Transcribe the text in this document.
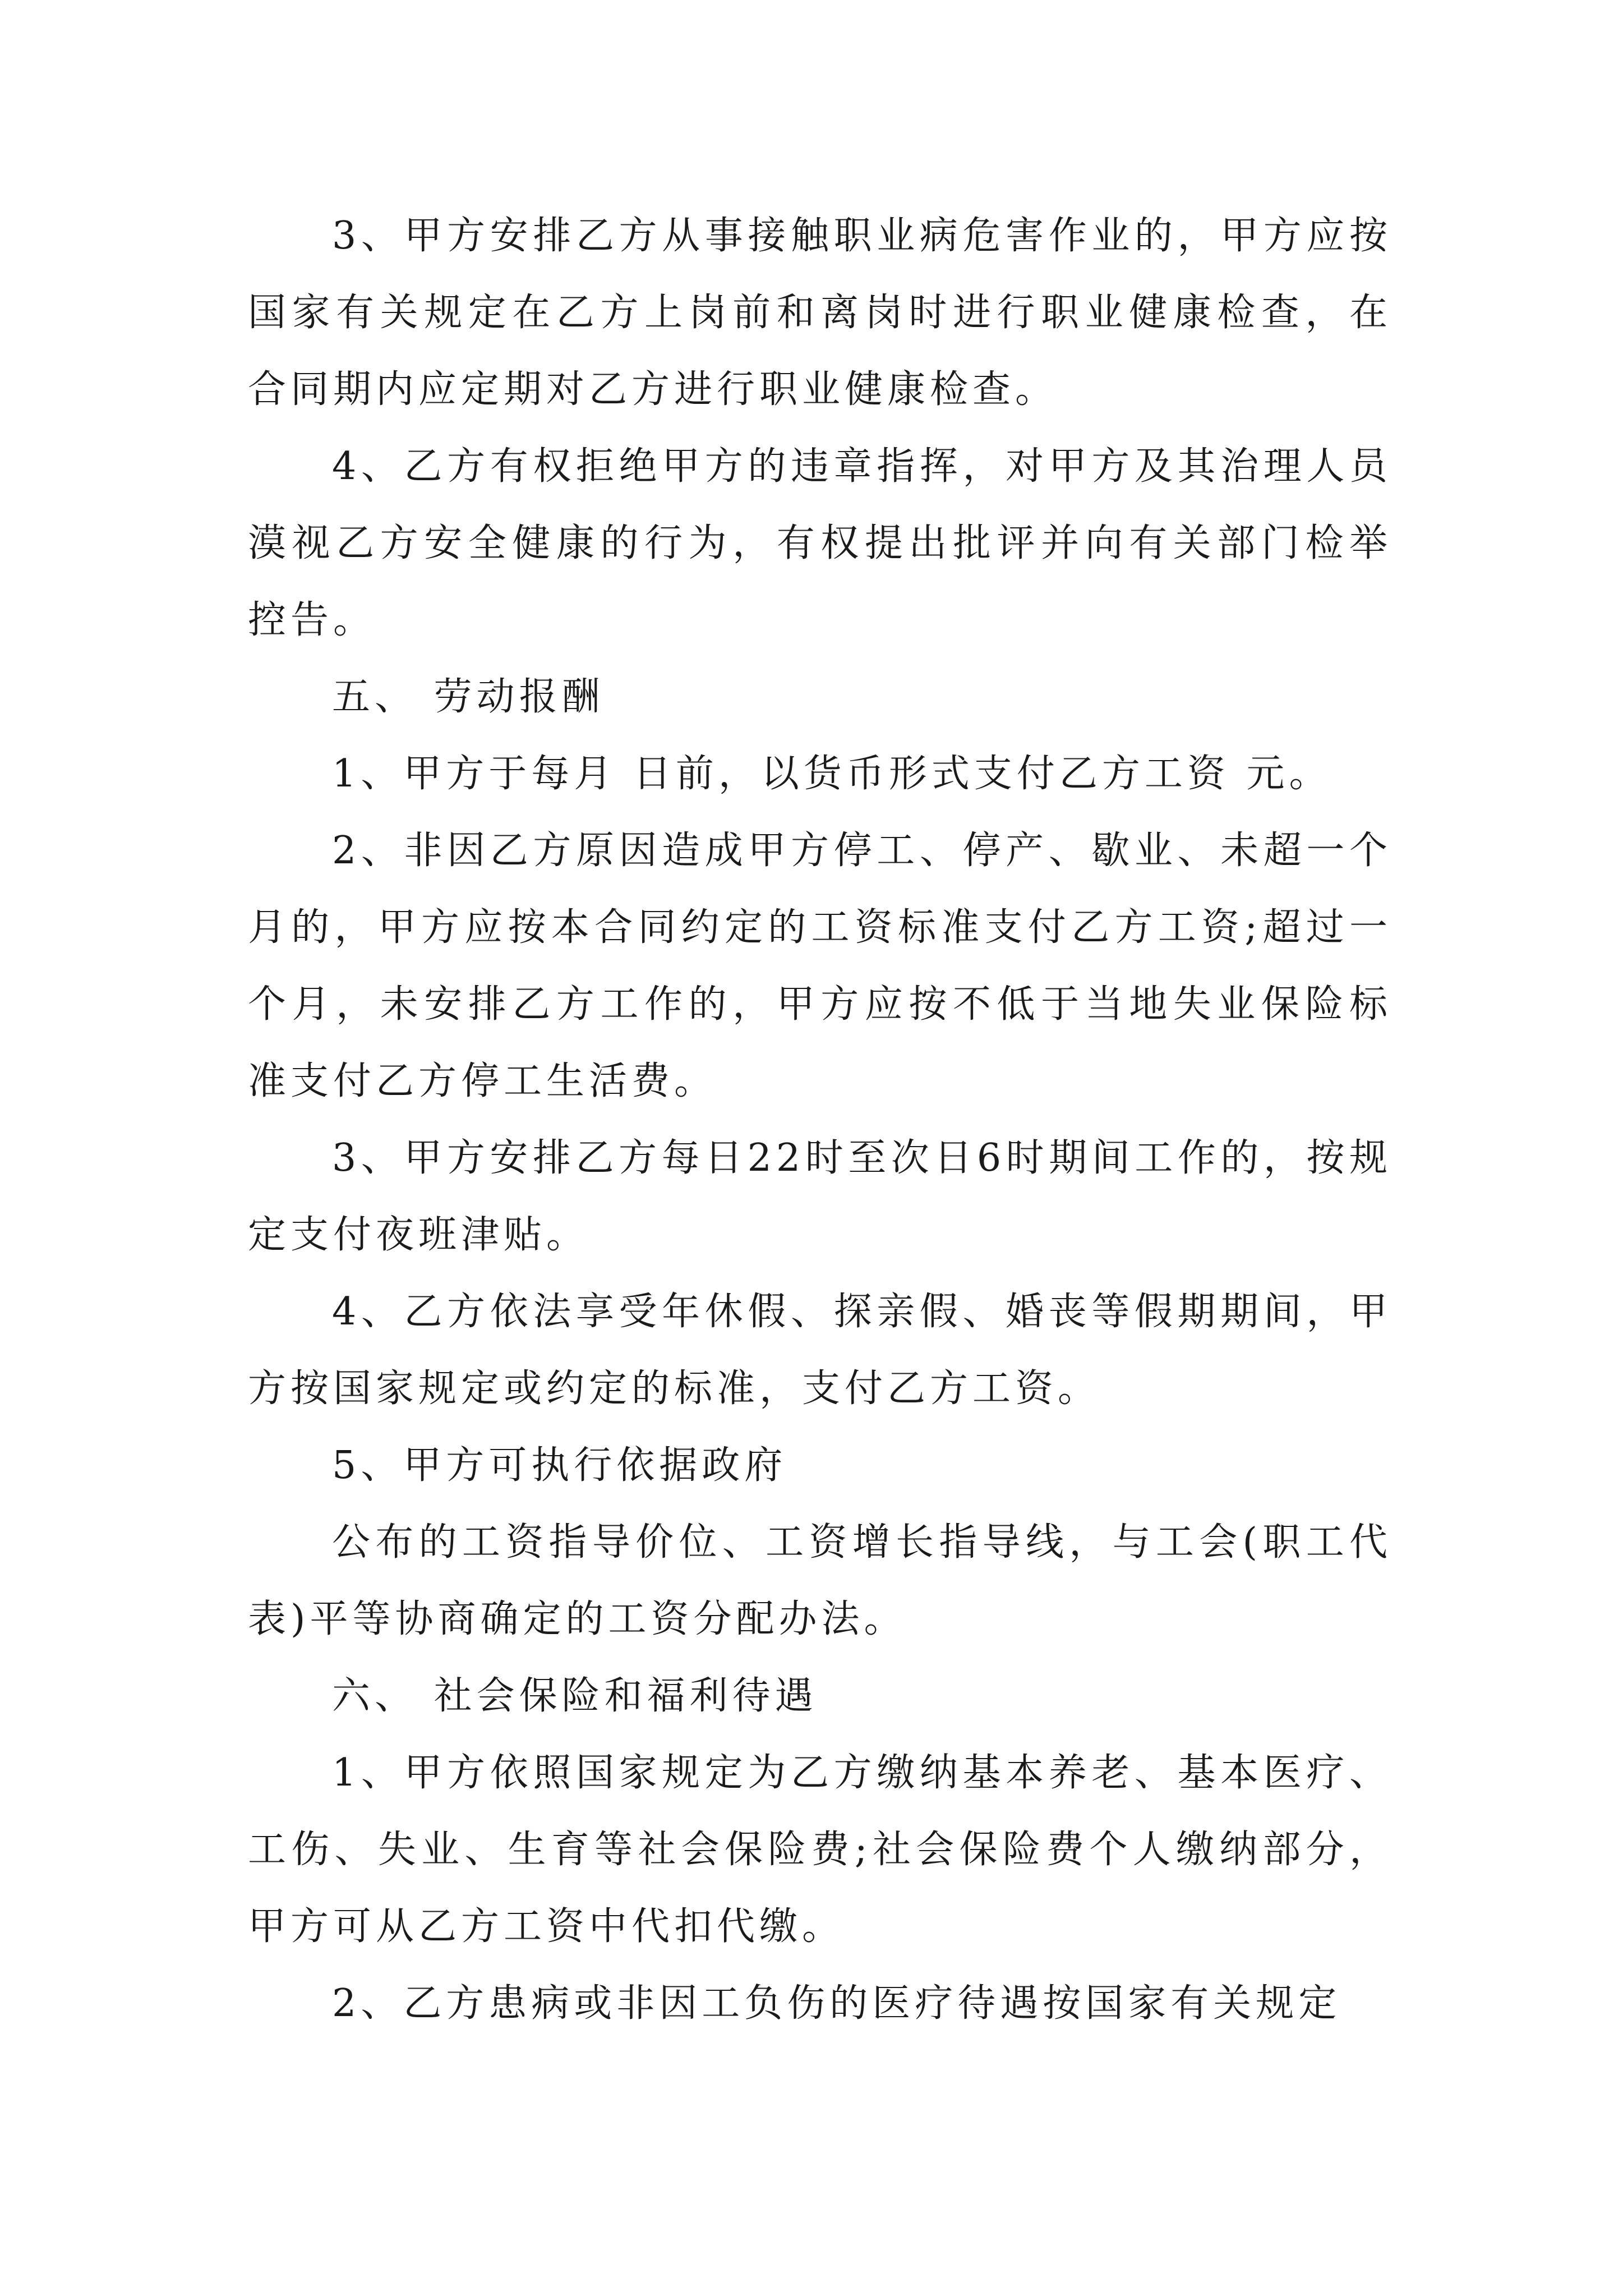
3、甲方安排乙方从事接触职业病危害作业的，甲方应按国家有关规定在乙方上岗前和离岗时进行职业健康检查，在合同期内应定期对乙方进行职业健康检查。

4、乙方有权拒绝甲方的违章指挥，对甲方及其治理人员漠视乙方安全健康的行为，有权提出批评并向有关部门检举控告。

五、 劳动报酬

1、甲方于每月 日前，以货币形式支付乙方工资 元。

2、非因乙方原因造成甲方停工、停产、歇业、未超一个月的，甲方应按本合同约定的工资标准支付乙方工资;超过一个月，未安排乙方工作的，甲方应按不低于当地失业保险标准支付乙方停工生活费。

3、甲方安排乙方每日22时至次日6时期间工作的，按规定支付夜班津贴。

4、乙方依法享受年休假、探亲假、婚丧等假期期间，甲方按国家规定或约定的标准，支付乙方工资。

5、甲方可执行依据政府

公布的工资指导价位、工资增长指导线，与工会(职工代表)平等协商确定的工资分配办法。

六、 社会保险和福利待遇

1、甲方依照国家规定为乙方缴纳基本养老、基本医疗、工伤、失业、生育等社会保险费;社会保险费个人缴纳部分，甲方可从乙方工资中代扣代缴。

2、乙方患病或非因工负伤的医疗待遇按国家有关规定
